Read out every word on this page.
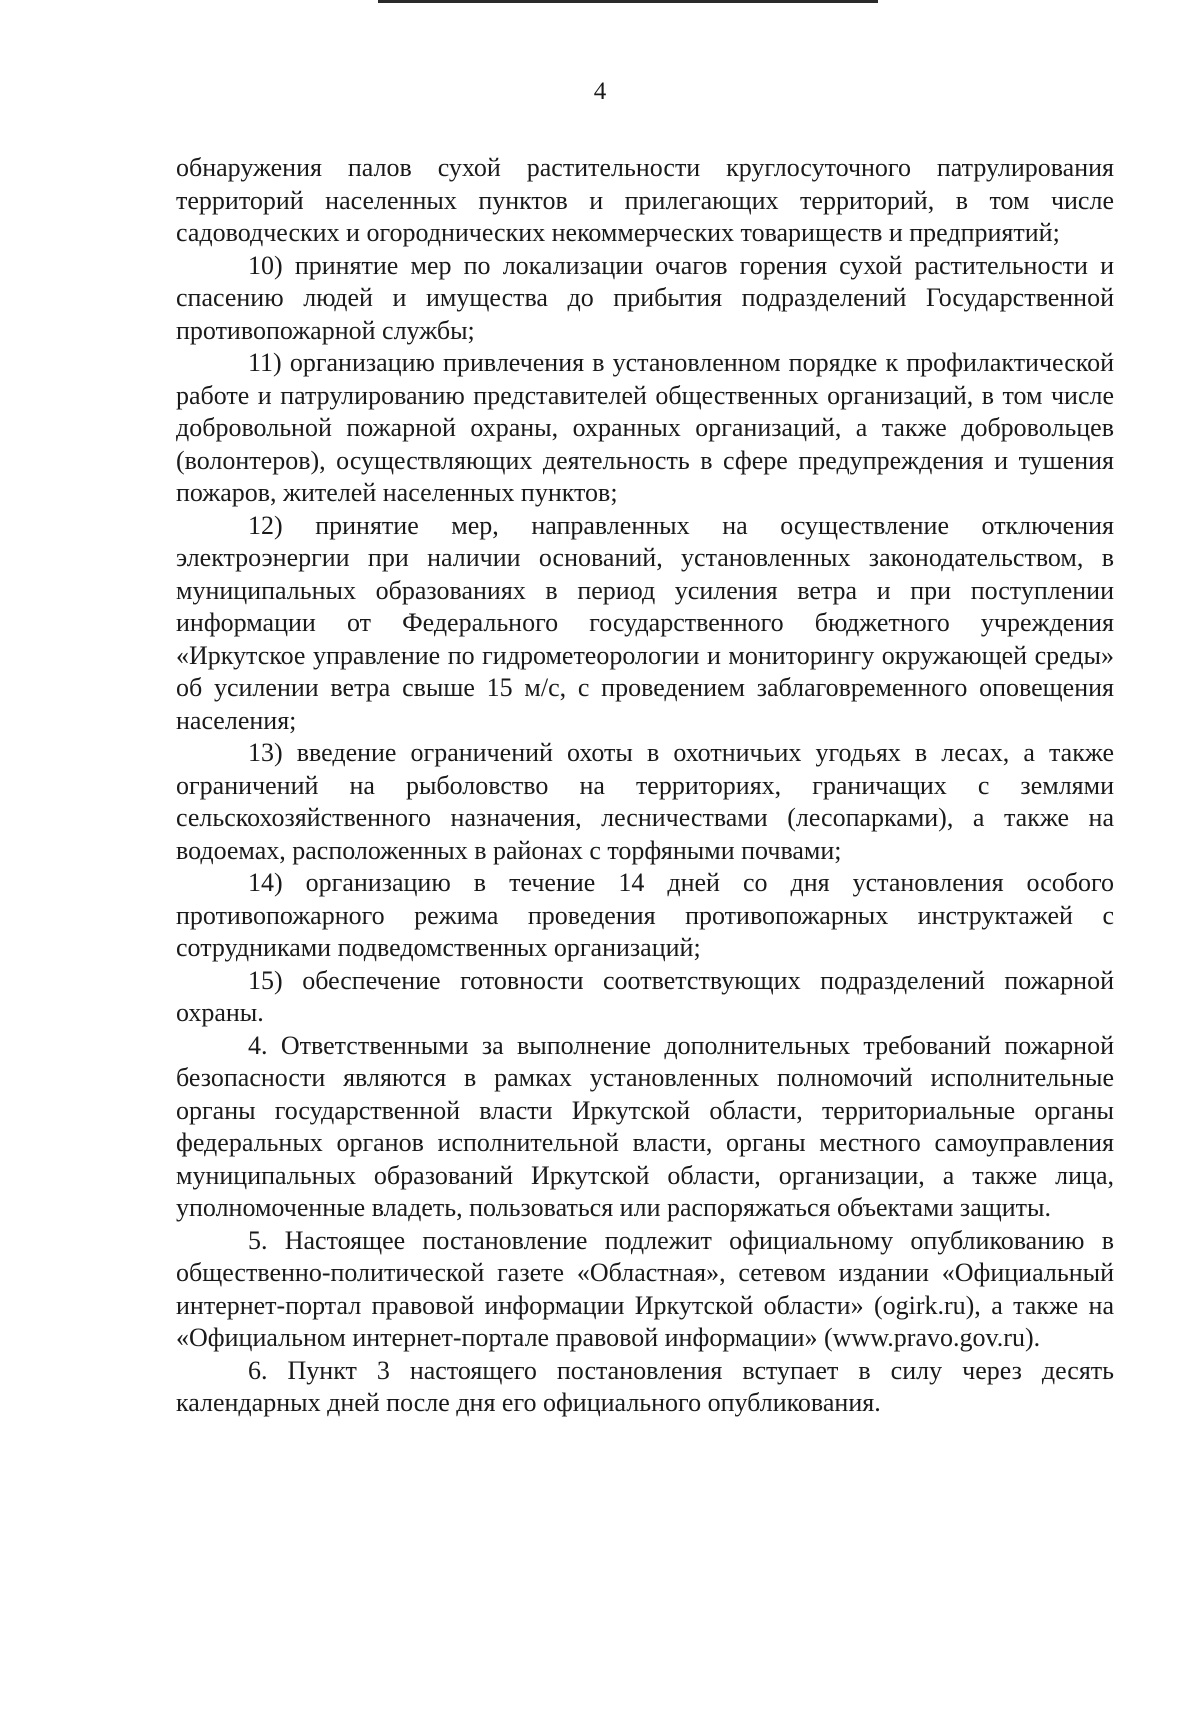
4

обнаружения палов сухой растительности круглосуточного патрулирования территорий населенных пунктов и прилегающих территорий, в том числе садоводческих и огороднических некоммерческих товариществ и предприятий;

10) принятие мер по локализации очагов горения сухой растительности и спасению людей и имущества до прибытия подразделений Государственной противопожарной службы;

11) организацию привлечения в установленном порядке к профилактической работе и патрулированию представителей общественных организаций, в том числе добровольной пожарной охраны, охранных организаций, а также добровольцев (волонтеров), осуществляющих деятельность в сфере предупреждения и тушения пожаров, жителей населенных пунктов;

12) принятие мер, направленных на осуществление отключения электроэнергии при наличии оснований, установленных законодательством, в муниципальных образованиях в период усиления ветра и при поступлении информации от Федерального государственного бюджетного учреждения «Иркутское управление по гидрометеорологии и мониторингу окружающей среды» об усилении ветра свыше 15 м/с, с проведением заблаговременного оповещения населения;

13) введение ограничений охоты в охотничьих угодьях в лесах, а также ограничений на рыболовство на территориях, граничащих с землями сельскохозяйственного назначения, лесничествами (лесопарками), а также на водоемах, расположенных в районах с торфяными почвами;

14) организацию в течение 14 дней со дня установления особого противопожарного режима проведения противопожарных инструктажей с сотрудниками подведомственных организаций;

15) обеспечение готовности соответствующих подразделений пожарной охраны.

4. Ответственными за выполнение дополнительных требований пожарной безопасности являются в рамках установленных полномочий исполнительные органы государственной власти Иркутской области, территориальные органы федеральных органов исполнительной власти, органы местного самоуправления муниципальных образований Иркутской области, организации, а также лица, уполномоченные владеть, пользоваться или распоряжаться объектами защиты.

5. Настоящее постановление подлежит официальному опубликованию в общественно-политической газете «Областная», сетевом издании «Официальный интернет-портал правовой информации Иркутской области» (ogirk.ru), а также на «Официальном интернет-портале правовой информации» (www.pravo.gov.ru).

6. Пункт 3 настоящего постановления вступает в силу через десять календарных дней после дня его официального опубликования.
